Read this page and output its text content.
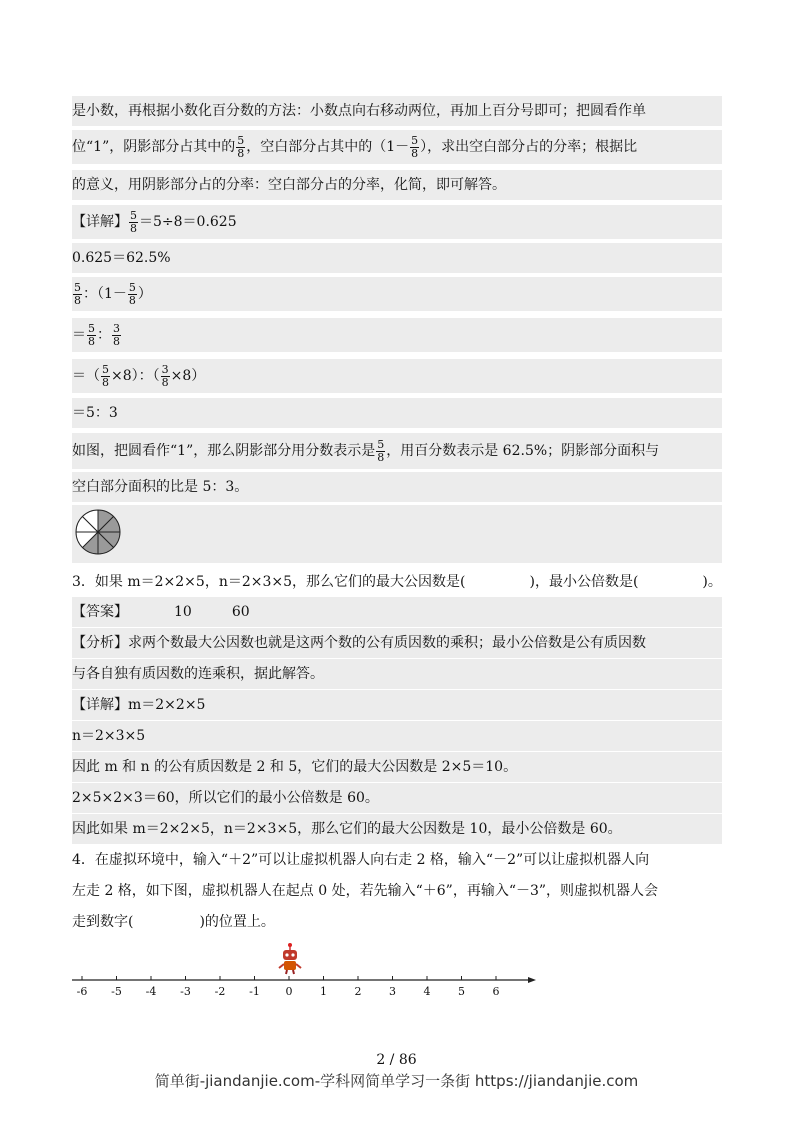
是小数，再根据小数化百分数的方法：小数点向右移动两位，再加上百分号即可；把圆看作单
位“1”，阴影部分占其中的 $\frac{5}{8}$ ，空白部分占其中的（$1- \frac{5}{8}$ ），求出空白部分占的分率；根据比
的意义，用阴影部分占的分率：空白部分占的分率，化简，即可解答。
【详解】 $\frac{5}{8} =5\div 8=0.625$
0.625＝62.5%
$\frac{5}{8}$ ：（$1- \frac{5}{8}$ ）
＝ $\frac{5}{8}$ ： $\frac{3}{8}$
＝（ $\frac{5}{8} \times 8$）：（ $\frac{3}{8} \times 8$）
＝5：3
如图，把圆看作“1”，那么阴影部分用分数表示是 $\frac{5}{8}$ ，用百分数表示是 62.5%；阴影部分面积与
空白部分面积的比是 5：3。
3．如果 m＝2×2×5，n＝2×3×5，那么它们的最大公因数是(	)，最小公倍数是(	)。
【答案】	10	60
【分析】求两个数最大公因数也就是这两个数的公有质因数的乘积；最小公倍数是公有质因数
与各自独有质因数的连乘积，据此解答。
【详解】m＝2×2×5
n＝2×3×5
因此 m 和 n 的公有质因数是 2 和 5，它们的最大公因数是 2×5＝10。
2×5×2×3＝60，所以它们的最小公倍数是 60。
因此如果 m＝2×2×5，n＝2×3×5，那么它们的最大公因数是 10，最小公倍数是 60。
4．在虚拟环境中，输入“＋2”可以让虚拟机器人向右走 2 格，输入“－2”可以让虚拟机器人向
左走 2 格，如下图，虚拟机器人在起点 0 处，若先输入“＋6”，再输入“－3”，则虚拟机器人会
走到数字(	)的位置上。
-6 -5 -4 -3 -2 -1 0	1	2	3	4	5	6
2 / 86
简单街-jiandanjie.com-学科网简单学习一条街 https://jiandanjie.com
